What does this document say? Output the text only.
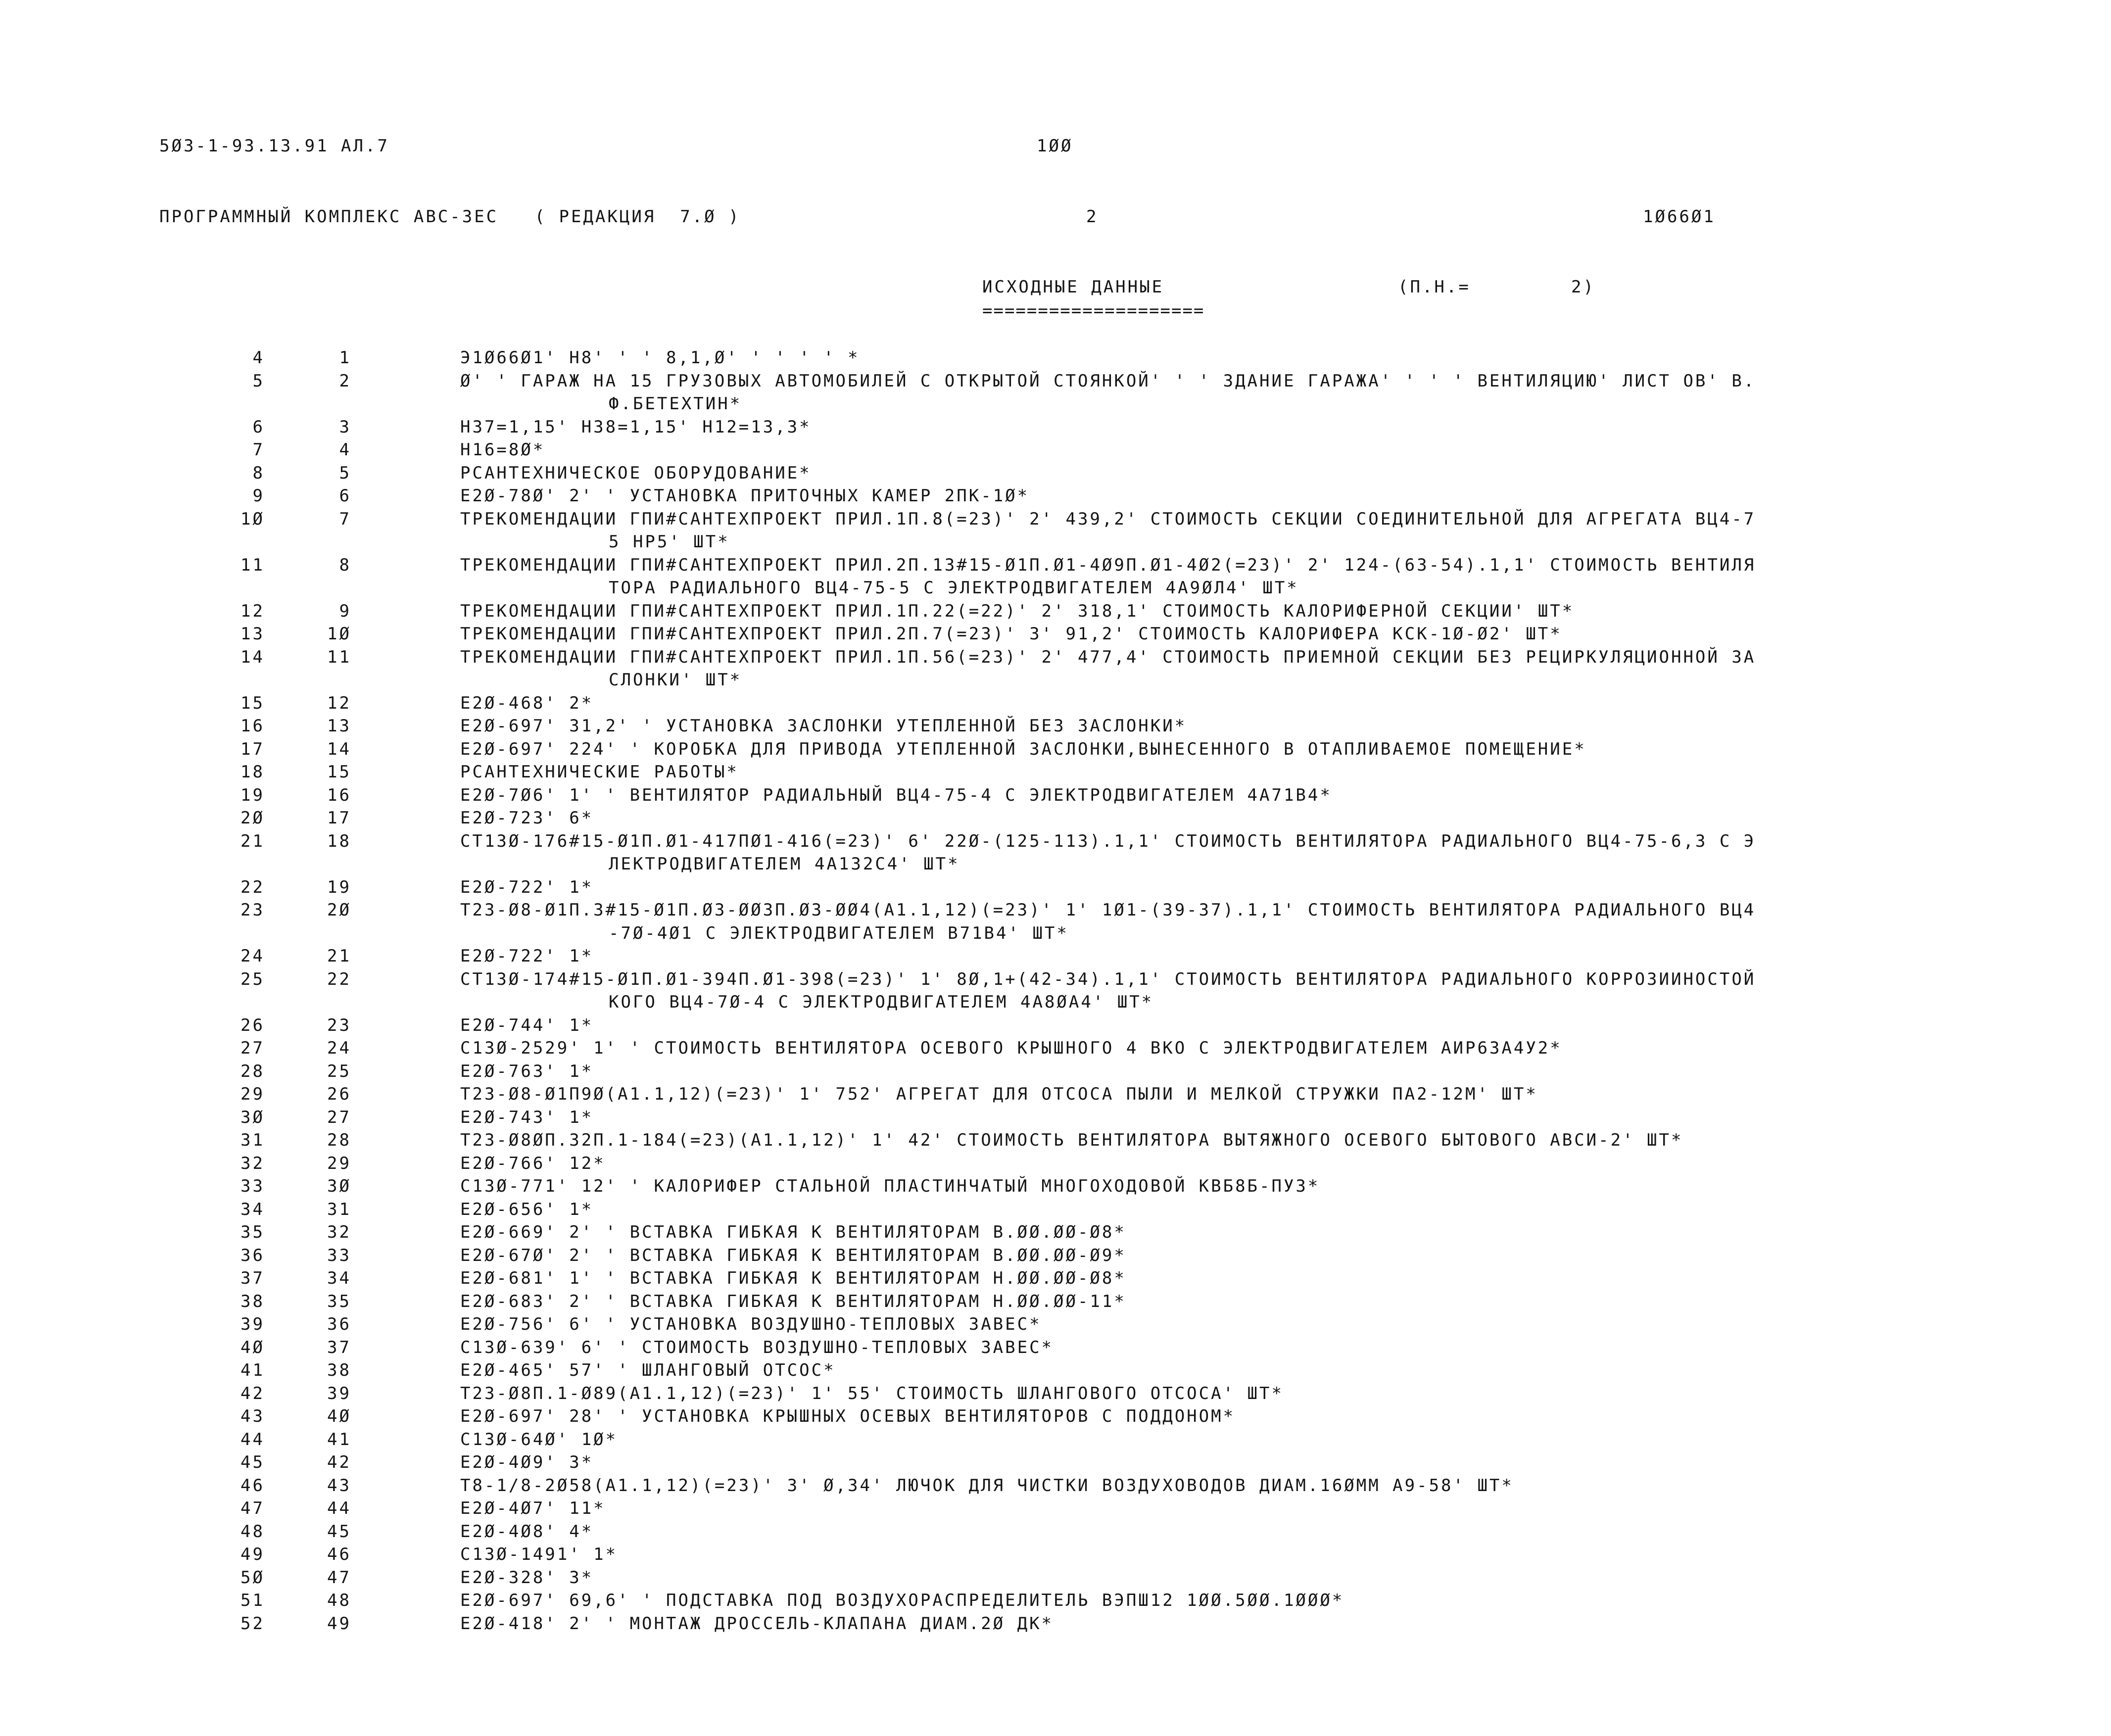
5Ø3-1-93.13.91 АЛ.7	1ØØ
ПРОГРАММНЫЙ КОМПЛЕКС АВС-3ЕС   ( РЕДАКЦИЯ  7.Ø )	2	1Ø66Ø1
ИСХОДНЫЕ ДАННЫЕ
====================
(П.Н.=	2)
4	1	Э1Ø66Ø1' Н8' ' ' 8,1,Ø' ' ' ' ' *
5	2	Ø' ' ГАРАЖ НА 15 ГРУЗОВЫХ АВТОМОБИЛЕЙ С ОТКРЫТОЙ СТОЯНКОЙ' ' ' ЗДАНИЕ ГАРАЖА' ' ' ' ВЕНТИЛЯЦИЮ' ЛИСТ ОВ' В.
Ф.БЕТЕХТИН*
6	3	Н37=1,15' Н38=1,15' Н12=13,3*
7	4	Н16=8Ø*
8	5	РСАНТЕХНИЧЕСКОЕ ОБОРУДОВАНИЕ*
9	6	Е2Ø-78Ø' 2' ' УСТАНОВКА ПРИТОЧНЫХ КАМЕР 2ПК-1Ø*
1Ø	7	ТРЕКОМЕНДАЦИИ ГПИ#САНТЕХПРОЕКТ ПРИЛ.1П.8(=23)' 2' 439,2' СТОИМОСТЬ СЕКЦИИ СОЕДИНИТЕЛЬНОЙ ДЛЯ АГРЕГАТА ВЦ4-7
5 НР5' ШТ*
11	8	ТРЕКОМЕНДАЦИИ ГПИ#САНТЕХПРОЕКТ ПРИЛ.2П.13#15-Ø1П.Ø1-4Ø9П.Ø1-4Ø2(=23)' 2' 124-(63-54).1,1' СТОИМОСТЬ ВЕНТИЛЯ
ТОРА РАДИАЛЬНОГО ВЦ4-75-5 С ЭЛЕКТРОДВИГАТЕЛЕМ 4А9ØЛ4' ШТ*
12	9	ТРЕКОМЕНДАЦИИ ГПИ#САНТЕХПРОЕКТ ПРИЛ.1П.22(=22)' 2' 318,1' СТОИМОСТЬ КАЛОРИФЕРНОЙ СЕКЦИИ' ШТ*
13	1Ø	ТРЕКОМЕНДАЦИИ ГПИ#САНТЕХПРОЕКТ ПРИЛ.2П.7(=23)' 3' 91,2' СТОИМОСТЬ КАЛОРИФЕРА КСК-1Ø-Ø2' ШТ*
14	11	ТРЕКОМЕНДАЦИИ ГПИ#САНТЕХПРОЕКТ ПРИЛ.1П.56(=23)' 2' 477,4' СТОИМОСТЬ ПРИЕМНОЙ СЕКЦИИ БЕЗ РЕЦИРКУЛЯЦИОННОЙ ЗА
СЛОНКИ' ШТ*
15	12	Е2Ø-468' 2*
16	13	Е2Ø-697' 31,2' ' УСТАНОВКА ЗАСЛОНКИ УТЕПЛЕННОЙ БЕЗ ЗАСЛОНКИ*
17	14	Е2Ø-697' 224' ' КОРОБКА ДЛЯ ПРИВОДА УТЕПЛЕННОЙ ЗАСЛОНКИ,ВЫНЕСЕННОГО В ОТАПЛИВАЕМОЕ ПОМЕЩЕНИЕ*
18	15	РСАНТЕХНИЧЕСКИЕ РАБОТЫ*
19	16	Е2Ø-7Ø6' 1' ' ВЕНТИЛЯТОР РАДИАЛЬНЫЙ ВЦ4-75-4 С ЭЛЕКТРОДВИГАТЕЛЕМ 4А71В4*
2Ø	17	Е2Ø-723' 6*
21	18	СТ13Ø-176#15-Ø1П.Ø1-417ПØ1-416(=23)' 6' 22Ø-(125-113).1,1' СТОИМОСТЬ ВЕНТИЛЯТОРА РАДИАЛЬНОГО ВЦ4-75-6,3 С Э
ЛЕКТРОДВИГАТЕЛЕМ 4А132С4' ШТ*
22	19	Е2Ø-722' 1*
23	2Ø	Т23-Ø8-Ø1П.3#15-Ø1П.Ø3-ØØ3П.Ø3-ØØ4(А1.1,12)(=23)' 1' 1Ø1-(39-37).1,1' СТОИМОСТЬ ВЕНТИЛЯТОРА РАДИАЛЬНОГО ВЦ4
-7Ø-4Ø1 С ЭЛЕКТРОДВИГАТЕЛЕМ В71В4' ШТ*
24	21	Е2Ø-722' 1*
25	22	СТ13Ø-174#15-Ø1П.Ø1-394П.Ø1-398(=23)' 1' 8Ø,1+(42-34).1,1' СТОИМОСТЬ ВЕНТИЛЯТОРА РАДИАЛЬНОГО КОРРОЗИИНОСТОЙ
КОГО ВЦ4-7Ø-4 С ЭЛЕКТРОДВИГАТЕЛЕМ 4А8ØА4' ШТ*
26	23	Е2Ø-744' 1*
27	24	С13Ø-2529' 1' ' СТОИМОСТЬ ВЕНТИЛЯТОРА ОСЕВОГО КРЫШНОГО 4 ВКО С ЭЛЕКТРОДВИГАТЕЛЕМ АИР63А4У2*
28	25	Е2Ø-763' 1*
29	26	Т23-Ø8-Ø1П9Ø(А1.1,12)(=23)' 1' 752' АГРЕГАТ ДЛЯ ОТСОСА ПЫЛИ И МЕЛКОЙ СТРУЖКИ ПА2-12М' ШТ*
3Ø	27	Е2Ø-743' 1*
31	28	Т23-Ø8ØП.32П.1-184(=23)(А1.1,12)' 1' 42' СТОИМОСТЬ ВЕНТИЛЯТОРА ВЫТЯЖНОГО ОСЕВОГО БЫТОВОГО АВСИ-2' ШТ*
32	29	Е2Ø-766' 12*
33	3Ø	С13Ø-771' 12' ' КАЛОРИФЕР СТАЛЬНОЙ ПЛАСТИНЧАТЫЙ МНОГОХОДОВОЙ КВБ8Б-ПУ3*
34	31	Е2Ø-656' 1*
35	32	Е2Ø-669' 2' ' ВСТАВКА ГИБКАЯ К ВЕНТИЛЯТОРАМ В.ØØ.ØØ-Ø8*
36	33	Е2Ø-67Ø' 2' ' ВСТАВКА ГИБКАЯ К ВЕНТИЛЯТОРАМ В.ØØ.ØØ-Ø9*
37	34	Е2Ø-681' 1' ' ВСТАВКА ГИБКАЯ К ВЕНТИЛЯТОРАМ Н.ØØ.ØØ-Ø8*
38	35	Е2Ø-683' 2' ' ВСТАВКА ГИБКАЯ К ВЕНТИЛЯТОРАМ Н.ØØ.ØØ-11*
39	36	Е2Ø-756' 6' ' УСТАНОВКА ВОЗДУШНО-ТЕПЛОВЫХ ЗАВЕС*
4Ø	37	С13Ø-639' 6' ' СТОИМОСТЬ ВОЗДУШНО-ТЕПЛОВЫХ ЗАВЕС*
41	38	Е2Ø-465' 57' ' ШЛАНГОВЫЙ ОТСОС*
42	39	Т23-Ø8П.1-Ø89(А1.1,12)(=23)' 1' 55' СТОИМОСТЬ ШЛАНГОВОГО ОТСОСА' ШТ*
43	4Ø	Е2Ø-697' 28' ' УСТАНОВКА КРЫШНЫХ ОСЕВЫХ ВЕНТИЛЯТОРОВ С ПОДДОНОМ*
44	41	С13Ø-64Ø' 1Ø*
45	42	Е2Ø-4Ø9' 3*
46	43	Т8-1/8-2Ø58(А1.1,12)(=23)' 3' Ø,34' ЛЮЧОК ДЛЯ ЧИСТКИ ВОЗДУХОВОДОВ ДИАМ.16ØММ А9-58' ШТ*
47	44	Е2Ø-4Ø7' 11*
48	45	Е2Ø-4Ø8' 4*
49	46	С13Ø-1491' 1*
5Ø	47	Е2Ø-328' 3*
51	48	Е2Ø-697' 69,6' ' ПОДСТАВКА ПОД ВОЗДУХОРАСПРЕДЕЛИТЕЛЬ ВЭПШ12 1ØØ.5ØØ.1ØØØ*
52	49	Е2Ø-418' 2' ' МОНТАЖ ДРОССЕЛЬ-КЛАПАНА ДИАМ.2Ø ДК*
